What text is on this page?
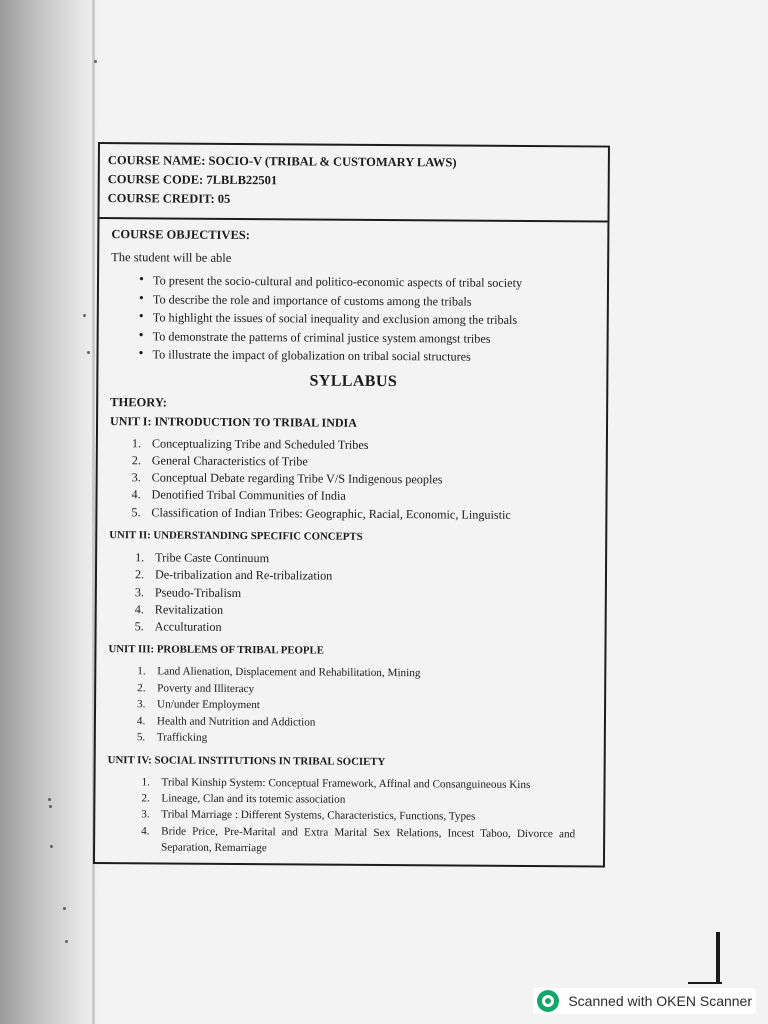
COURSE NAME: SOCIO-V (TRIBAL & CUSTOMARY LAWS)
COURSE CODE: 7LBLB22501
COURSE CREDIT: 05
COURSE OBJECTIVES:
The student will be able
• To present the socio-cultural and politico-economic aspects of tribal society
• To describe the role and importance of customs among the tribals
• To highlight the issues of social inequality and exclusion among the tribals
• To demonstrate the patterns of criminal justice system amongst tribes
• To illustrate the impact of globalization on tribal social structures
SYLLABUS
THEORY:
UNIT I: INTRODUCTION TO TRIBAL INDIA
1. Conceptualizing Tribe and Scheduled Tribes
2. General Characteristics of Tribe
3. Conceptual Debate regarding Tribe V/S Indigenous peoples
4. Denotified Tribal Communities of India
5. Classification of Indian Tribes: Geographic, Racial, Economic, Linguistic
UNIT II: UNDERSTANDING SPECIFIC CONCEPTS
1. Tribe Caste Continuum
2. De-tribalization and Re-tribalization
3. Pseudo-Tribalism
4. Revitalization
5. Acculturation
UNIT III: PROBLEMS OF TRIBAL PEOPLE
1.	Land Alienation, Displacement and Rehabilitation, Mining
2.	Poverty and Illiteracy
3.	Un/under Employment
4.	Health and Nutrition and Addiction
5.	Trafficking
UNIT IV: SOCIAL INSTITUTIONS IN TRIBAL SOCIETY
1.	Tribal Kinship System: Conceptual Framework, Affinal and Consanguineous Kins
2.	Lineage, Clan and its totemic association
3.	Tribal Marriage : Different Systems, Characteristics, Functions, Types
4.	Bride Price, Pre-Marital and Extra Marital Sex Relations, Incest Taboo, Divorce and Separation, Remarriage
Scanned with OKEN Scanner
